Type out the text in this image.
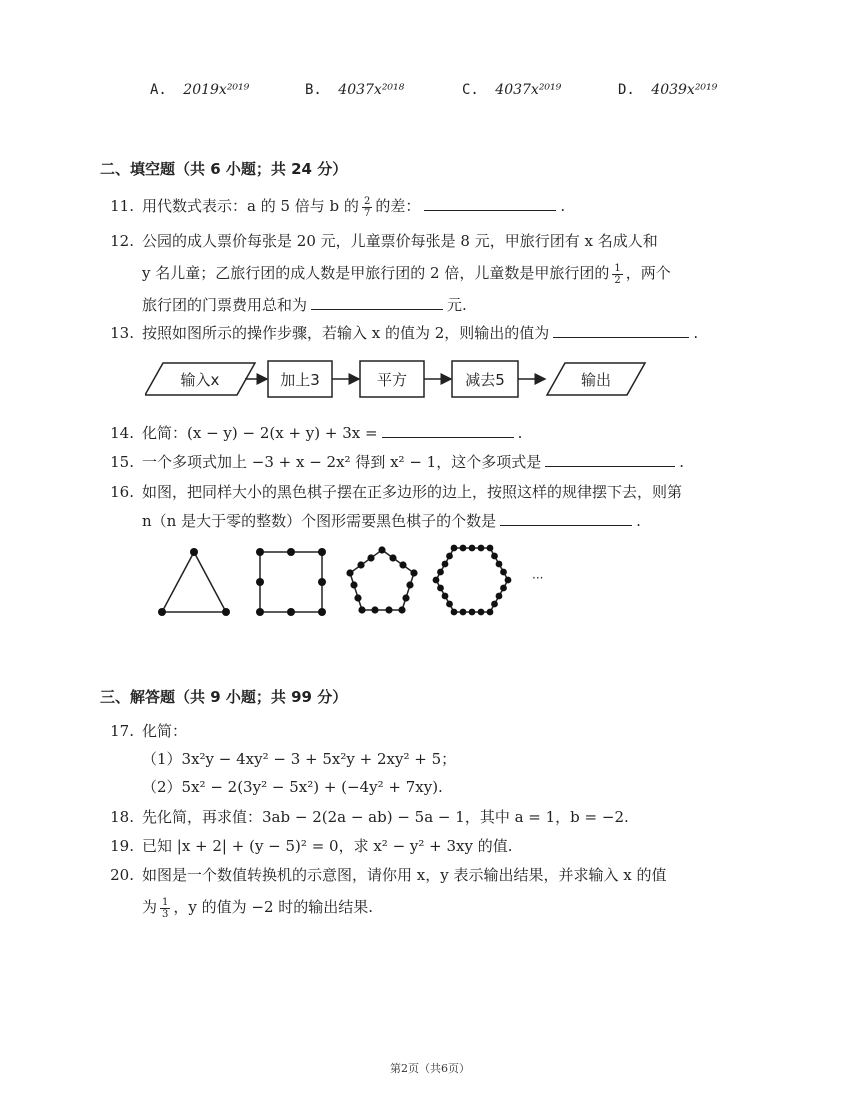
A. 2019x²⁰¹⁹	B. 4037x²⁰¹⁸	C. 4037x²⁰¹⁹	D. 4039x²⁰¹⁹
二、填空题（共 6 小题；共 24 分）
11. 用代数式表示：a 的 5 倍与 b 的 $\frac{2}{7}$ 的差：	.
12. 公园的成人票价每张是 20 元，儿童票价每张是 8 元，甲旅行团有 x 名成人和
y 名儿童；乙旅行团的成人数是甲旅行团的 2 倍，儿童数是甲旅行团的 $\frac{1}{2}$ ，两个
旅行团的门票费用总和为	元.
13. 按照如图所示的操作步骤，若输入 x 的值为 2，则输出的值为	.
输入x	加上3	平方	减去5	输出
14. 化简：(x − y) − 2(x + y) + 3x =	.
15. 一个多项式加上 −3 + x − 2x² 得到 x² − 1，这个多项式是	.
16. 如图，把同样大小的黑色棋子摆在正多边形的边上，按照这样的规律摆下去，则第
n（n 是大于零的整数）个图形需要黑色棋子的个数是	.
···
三、解答题（共 9 小题；共 99 分）
17. 化简：
（1）3x²y − 4xy² − 3 + 5x²y + 2xy² + 5；
（2）5x² − 2(3y² − 5x²) + (−4y² + 7xy).
18. 先化简，再求值：3ab − 2(2a − ab) − 5a − 1，其中 a = 1，b = −2.
19. 已知 |x + 2| + (y − 5)² = 0，求 x² − y² + 3xy 的值.
20. 如图是一个数值转换机的示意图，请你用 x，y 表示输出结果，并求输入 x 的值
为 $\frac{1}{3}$ ，y 的值为 −2 时的输出结果.
第2页（共6页）
